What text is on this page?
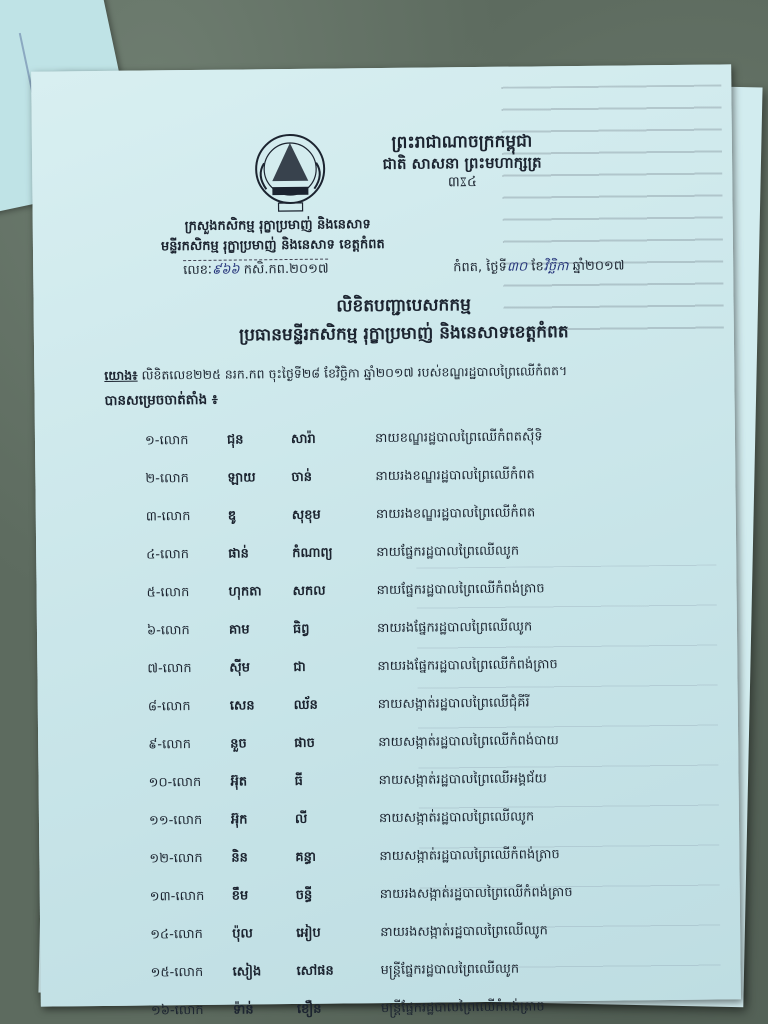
ព្រះរាជាណាចក្រកម្ពុជា
ជាតិ សាសនា ព្រះមហាក្សត្រ
៣ೱ៤
ក្រសួងកសិកម្ម រុក្ខាប្រមាញ់ និងនេសាទ
មន្ទីរកសិកម្ម រុក្ខាប្រមាញ់ និងនេសាទ ខេត្តកំពត
លេខៈ៩៦៦ កសិ.កព.២០១៧	កំពត, ថ្ងៃទី៣០ ខែវិច្ឆិកា ឆ្នាំ២០១៧
លិខិតបញ្ជាបេសកកម្ម
ប្រធានមន្ទីរកសិកម្ម រុក្ខាប្រមាញ់ និងនេសាទខេត្តកំពត
យោង៖ លិខិតលេខ២២៥ នរក.កព ចុះថ្ងៃទី២៨ ខែវិច្ឆិកា ឆ្នាំ២០១៧ របស់ខណ្ឌរដ្ឋបាលព្រៃឈើកំពត។
បានសម្រេចចាត់តាំង ៖
១-លោក	ជុន	សារ៉ា	នាយខណ្ឌរដ្ឋបាលព្រៃឈើកំពតស៊ីទិ
២-លោក	ឡាយ	ចាន់	នាយរងខណ្ឌរដ្ឋបាលព្រៃឈើកំពត
៣-លោក	ឌូ	សុខុម	នាយរងខណ្ឌរដ្ឋបាលព្រៃឈើកំពត
៤-លោក	ផាន់	កំណាព្យ	នាយផ្នែករដ្ឋបាលព្រៃឈើឈូក
៥-លោក	ហុកតា	សកល	នាយផ្នែករដ្ឋបាលព្រៃឈើកំពង់ត្រាច
៦-លោក	គាម	ធិព្វ	នាយរងផ្នែករដ្ឋបាលព្រៃឈើឈូក
៧-លោក	ស៊ីម	ជា	នាយរងផ្នែករដ្ឋបាលព្រៃឈើកំពង់ត្រាច
៨-លោក	សេន	ឈ័ន	នាយសង្កាត់រដ្ឋបាលព្រៃឈើជុំគីរី
៩-លោក	នួច	ផាច	នាយសង្កាត់រដ្ឋបាលព្រៃឈើកំពង់បាយ
១០-លោក	អ៊ុត	ធី	នាយសង្កាត់រដ្ឋបាលព្រៃឈើអង្គជ័យ
១១-លោក	អ៊ុក	លី	នាយសង្កាត់រដ្ឋបាលព្រៃឈើឈូក
១២-លោក	និន	គន្ធា	នាយសង្កាត់រដ្ឋបាលព្រៃឈើកំពង់ត្រាច
១៣-លោក	ខឹម	ចន្ធី	នាយរងសង្កាត់រដ្ឋបាលព្រៃឈើកំពង់ត្រាច
១៤-លោក	ប៉ុល	អៀប	នាយរងសង្កាត់រដ្ឋបាលព្រៃឈើឈូក
១៥-លោក	សៀង	សៅផន	មន្ត្រីផ្នែករដ្ឋបាលព្រៃឈើឈូក
១៦-លោក	ទ៉ាន់	ខឿន	មន្ត្រីផ្នែករដ្ឋបាលព្រៃឈើកំពង់ត្រាច
